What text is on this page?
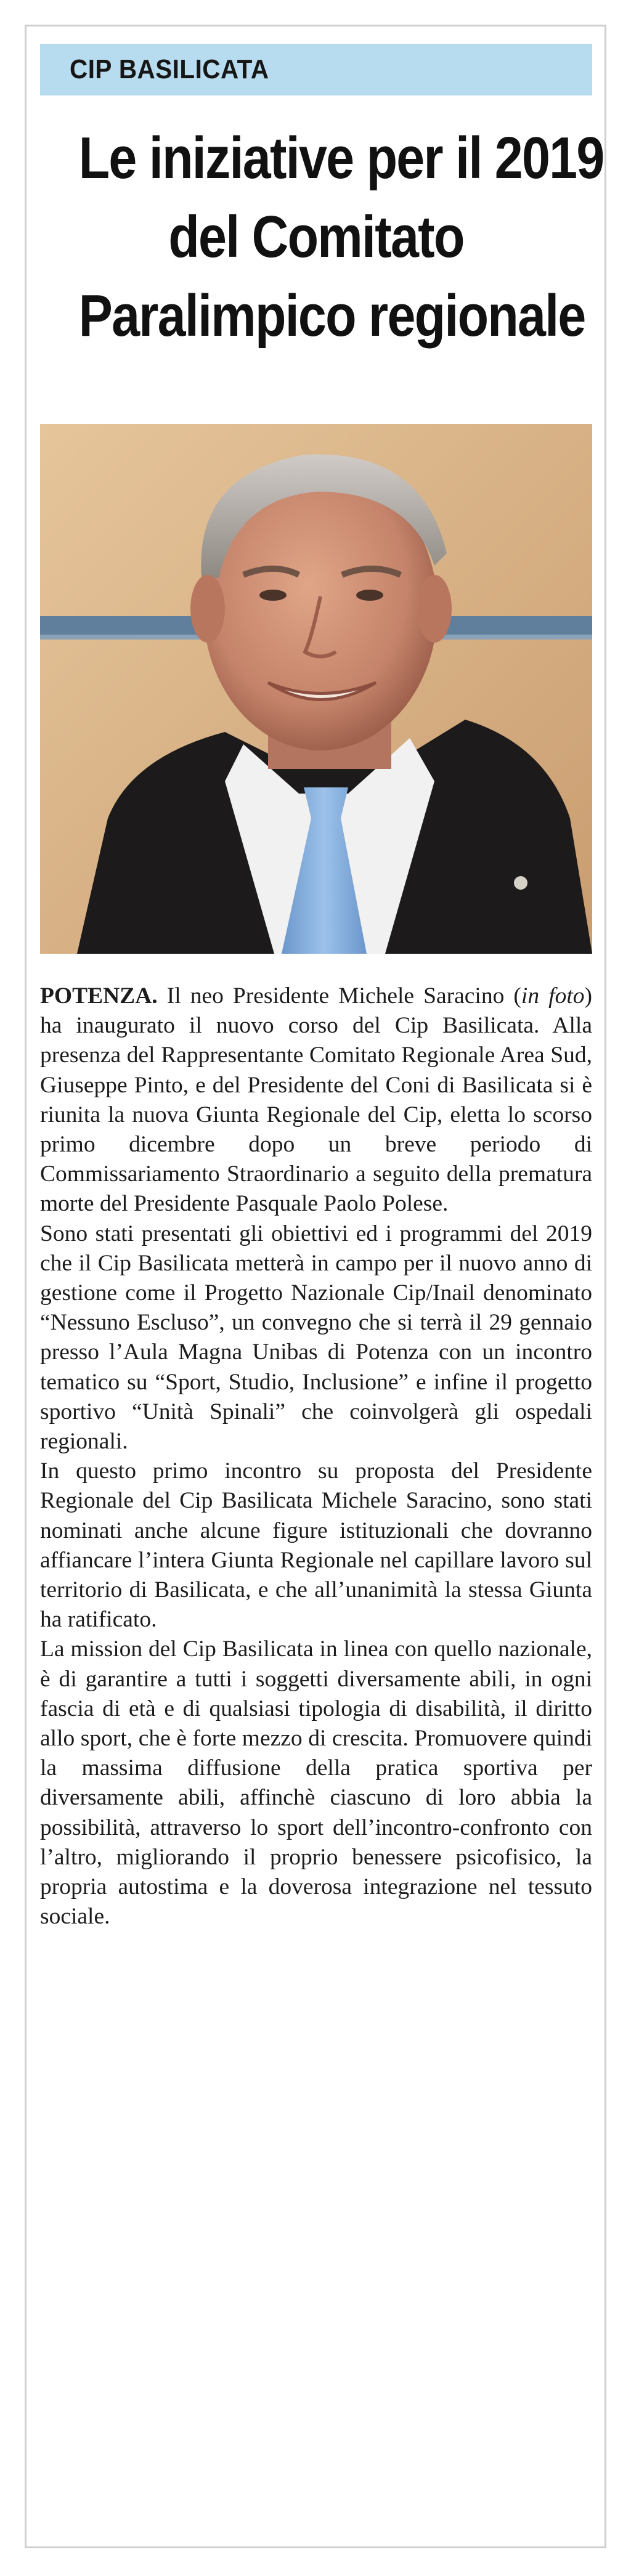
CIP BASILICATA
Le iniziative per il 2019
del Comitato
Paralimpico regionale

POTENZA. Il neo Presidente Michele Saracino (in foto) ha inaugurato il nuovo corso del Cip Basilicata. Alla presenza del Rappresentante Comitato Regionale Area Sud, Giuseppe Pinto, e del Presidente del Coni di Basilicata si è riunita la nuova Giunta Regionale del Cip, eletta lo scorso primo dicembre dopo un breve periodo di Commissariamento Straordinario a seguito della prematura morte del Presidente Pasquale Paolo Polese.

Sono stati presentati gli obiettivi ed i programmi del 2019 che il Cip Basilicata metterà in campo per il nuovo anno di gestione come il Progetto Nazionale Cip/Inail denominato “Nessuno Escluso”, un convegno che si terrà il 29 gennaio presso l’Aula Magna Unibas di Potenza con un incontro tematico su “Sport, Studio, Inclusione” e infine il progetto sportivo “Unità Spinali” che coinvolgerà gli ospedali regionali.

In questo primo incontro su proposta del Presidente Regionale del Cip Basilicata Michele Saracino, sono stati nominati anche alcune figure istituzionali che dovranno affiancare l’intera Giunta Regionale nel capillare lavoro sul territorio di Basilicata, e che all’unanimità la stessa Giunta ha ratificato.

La mission del Cip Basilicata in linea con quello nazionale, è di garantire a tutti i soggetti diversamente abili, in ogni fascia di età e di qualsiasi tipologia di disabilità, il diritto allo sport, che è forte mezzo di crescita. Promuovere quindi la massima diffusione della pratica sportiva per diversamente abili, affinchè ciascuno di loro abbia la possibilità, attraverso lo sport dell’incontro-confronto con l’altro, migliorando il proprio benessere psicofisico, la propria autostima e la doverosa integrazione nel tessuto sociale.
